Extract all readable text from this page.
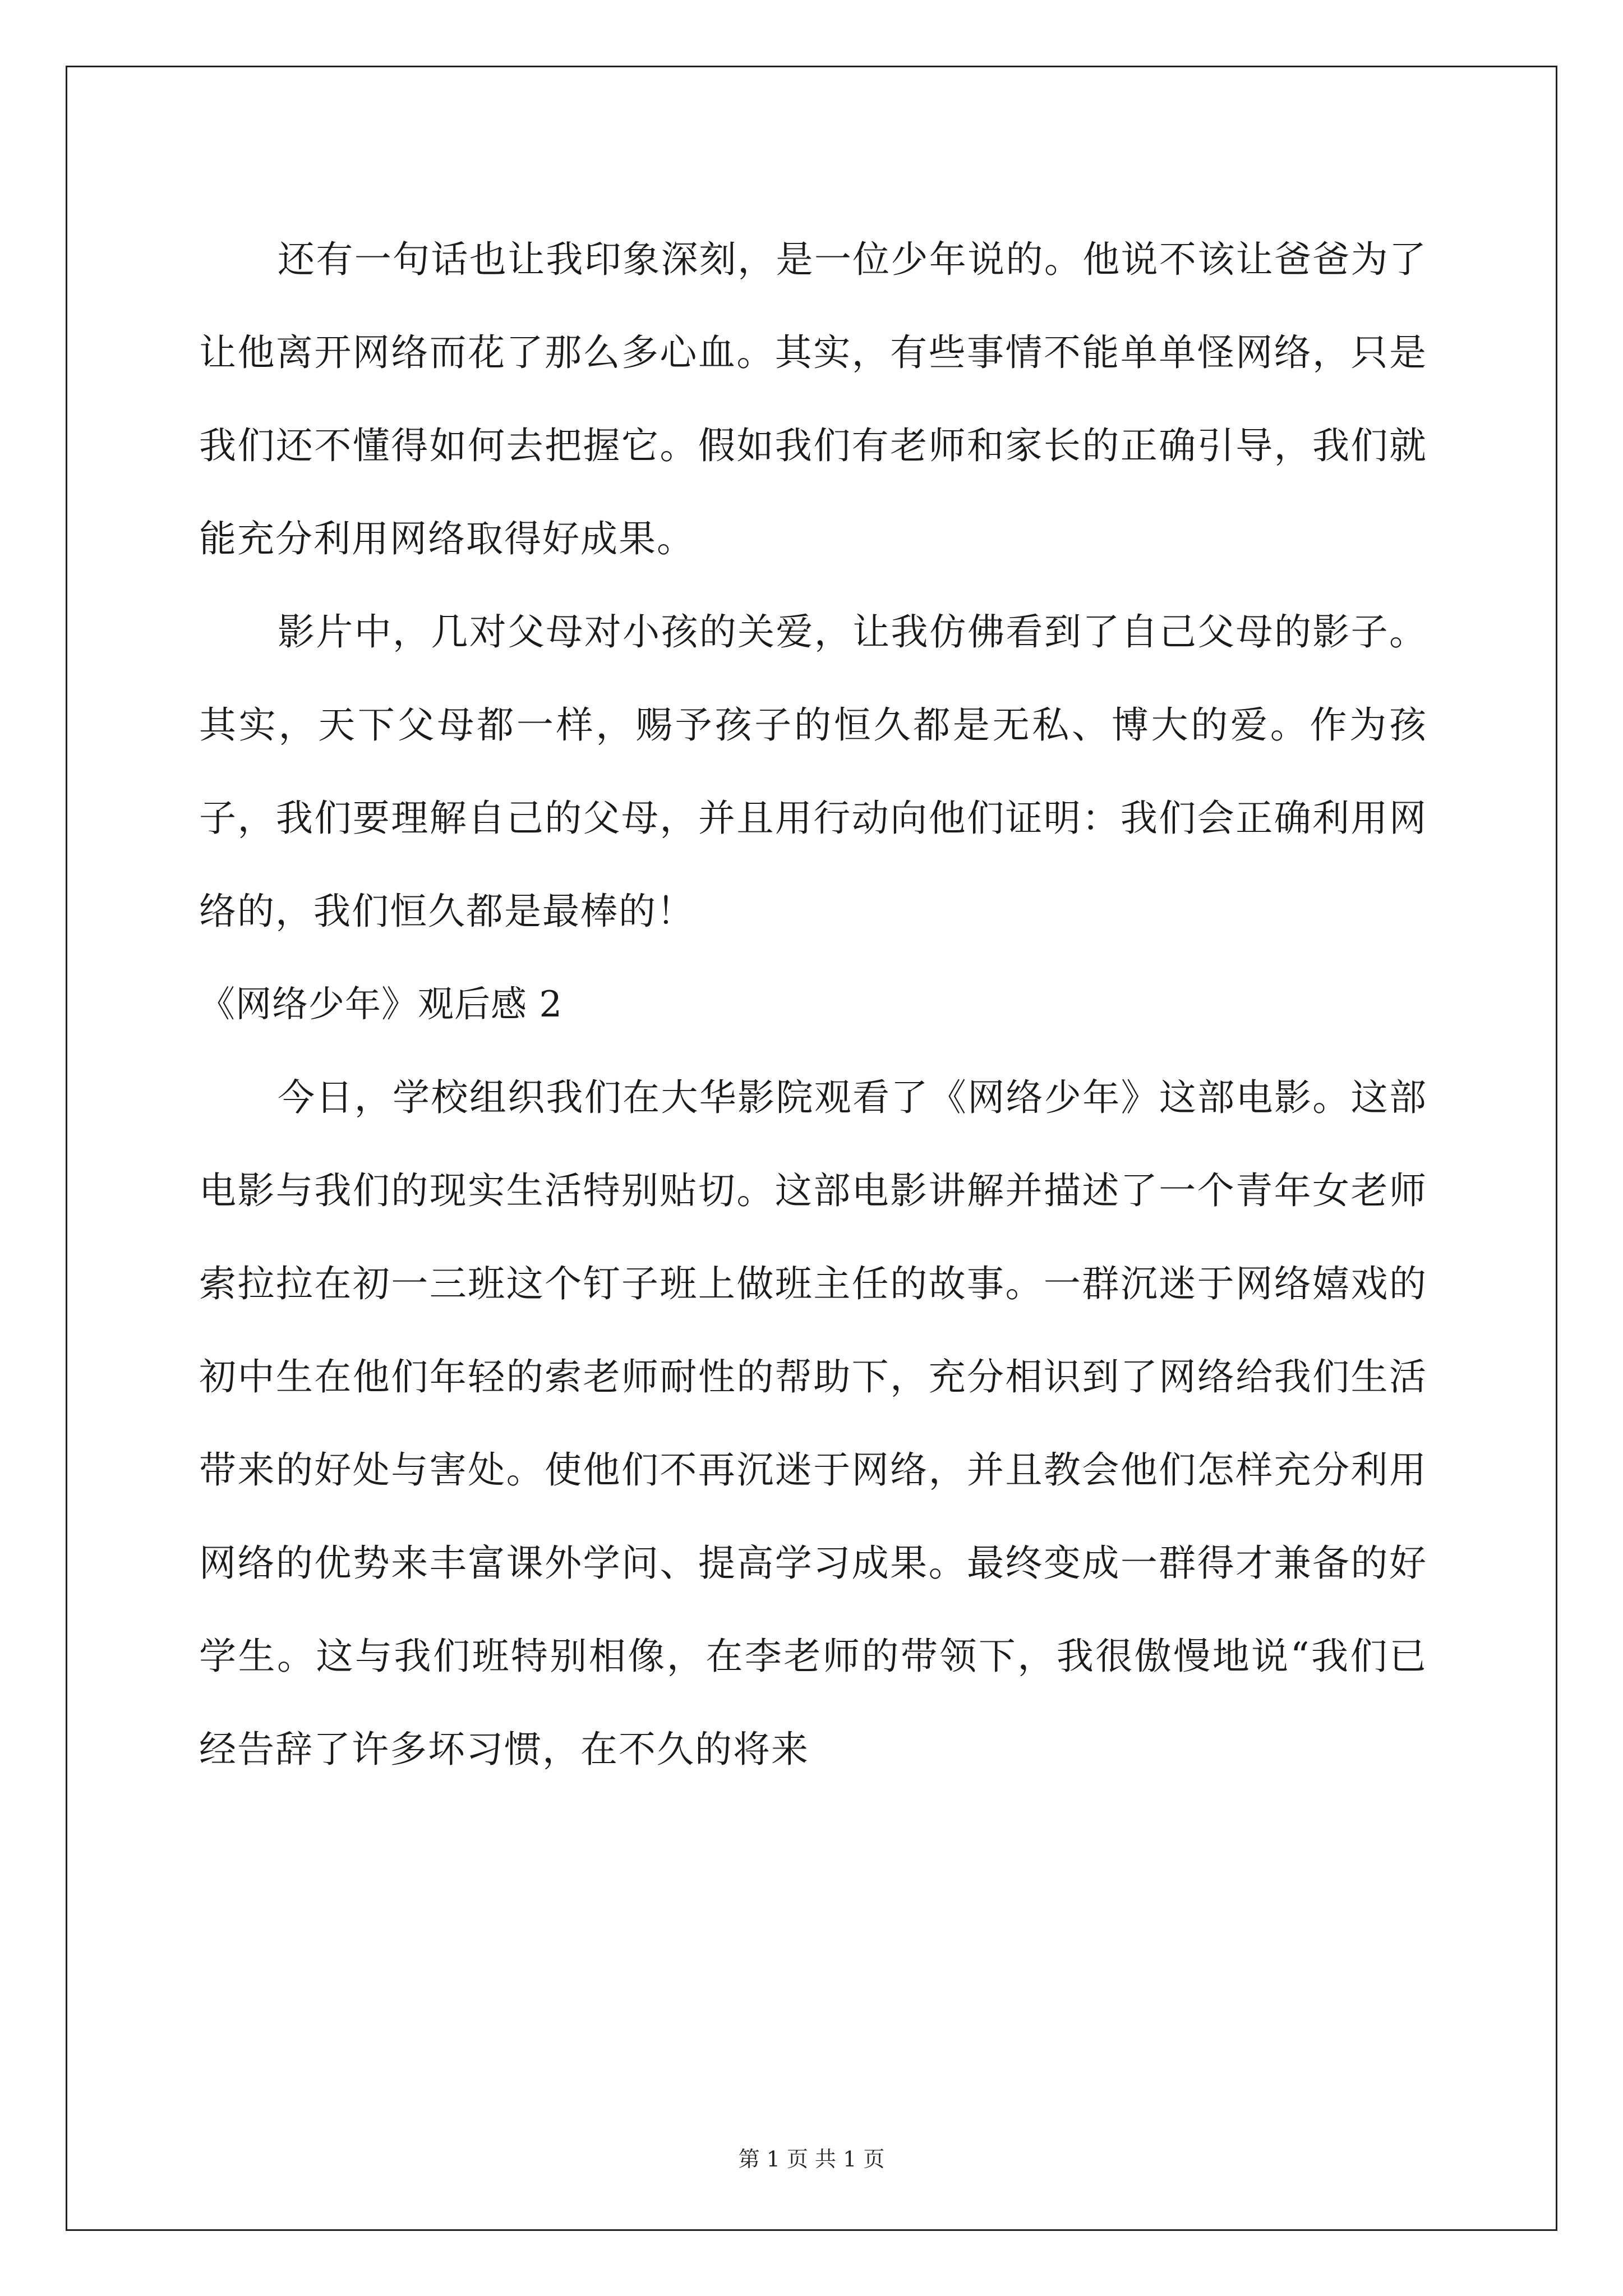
还有一句话也让我印象深刻，是一位少年说的。他说不该让爸爸为了让他离开网络而花了那么多心血。其实，有些事情不能单单怪网络，只是我们还不懂得如何去把握它。假如我们有老师和家长的正确引导，我们就能充分利用网络取得好成果。

影片中，几对父母对小孩的关爱，让我仿佛看到了自己父母的影子。其实，天下父母都一样，赐予孩子的恒久都是无私、博大的爱。作为孩子，我们要理解自己的父母，并且用行动向他们证明：我们会正确利用网络的，我们恒久都是最棒的！

《网络少年》观后感 2

今日，学校组织我们在大华影院观看了《网络少年》这部电影。这部电影与我们的现实生活特别贴切。这部电影讲解并描述了一个青年女老师索拉拉在初一三班这个钉子班上做班主任的故事。一群沉迷于网络嬉戏的初中生在他们年轻的索老师耐性的帮助下，充分相识到了网络给我们生活带来的好处与害处。使他们不再沉迷于网络，并且教会他们怎样充分利用网络的优势来丰富课外学问、提高学习成果。最终变成一群得才兼备的好学生。这与我们班特别相像，在李老师的带领下，我很傲慢地说“我们已经告辞了许多坏习惯，在不久的将来

第 1 页 共 1 页
